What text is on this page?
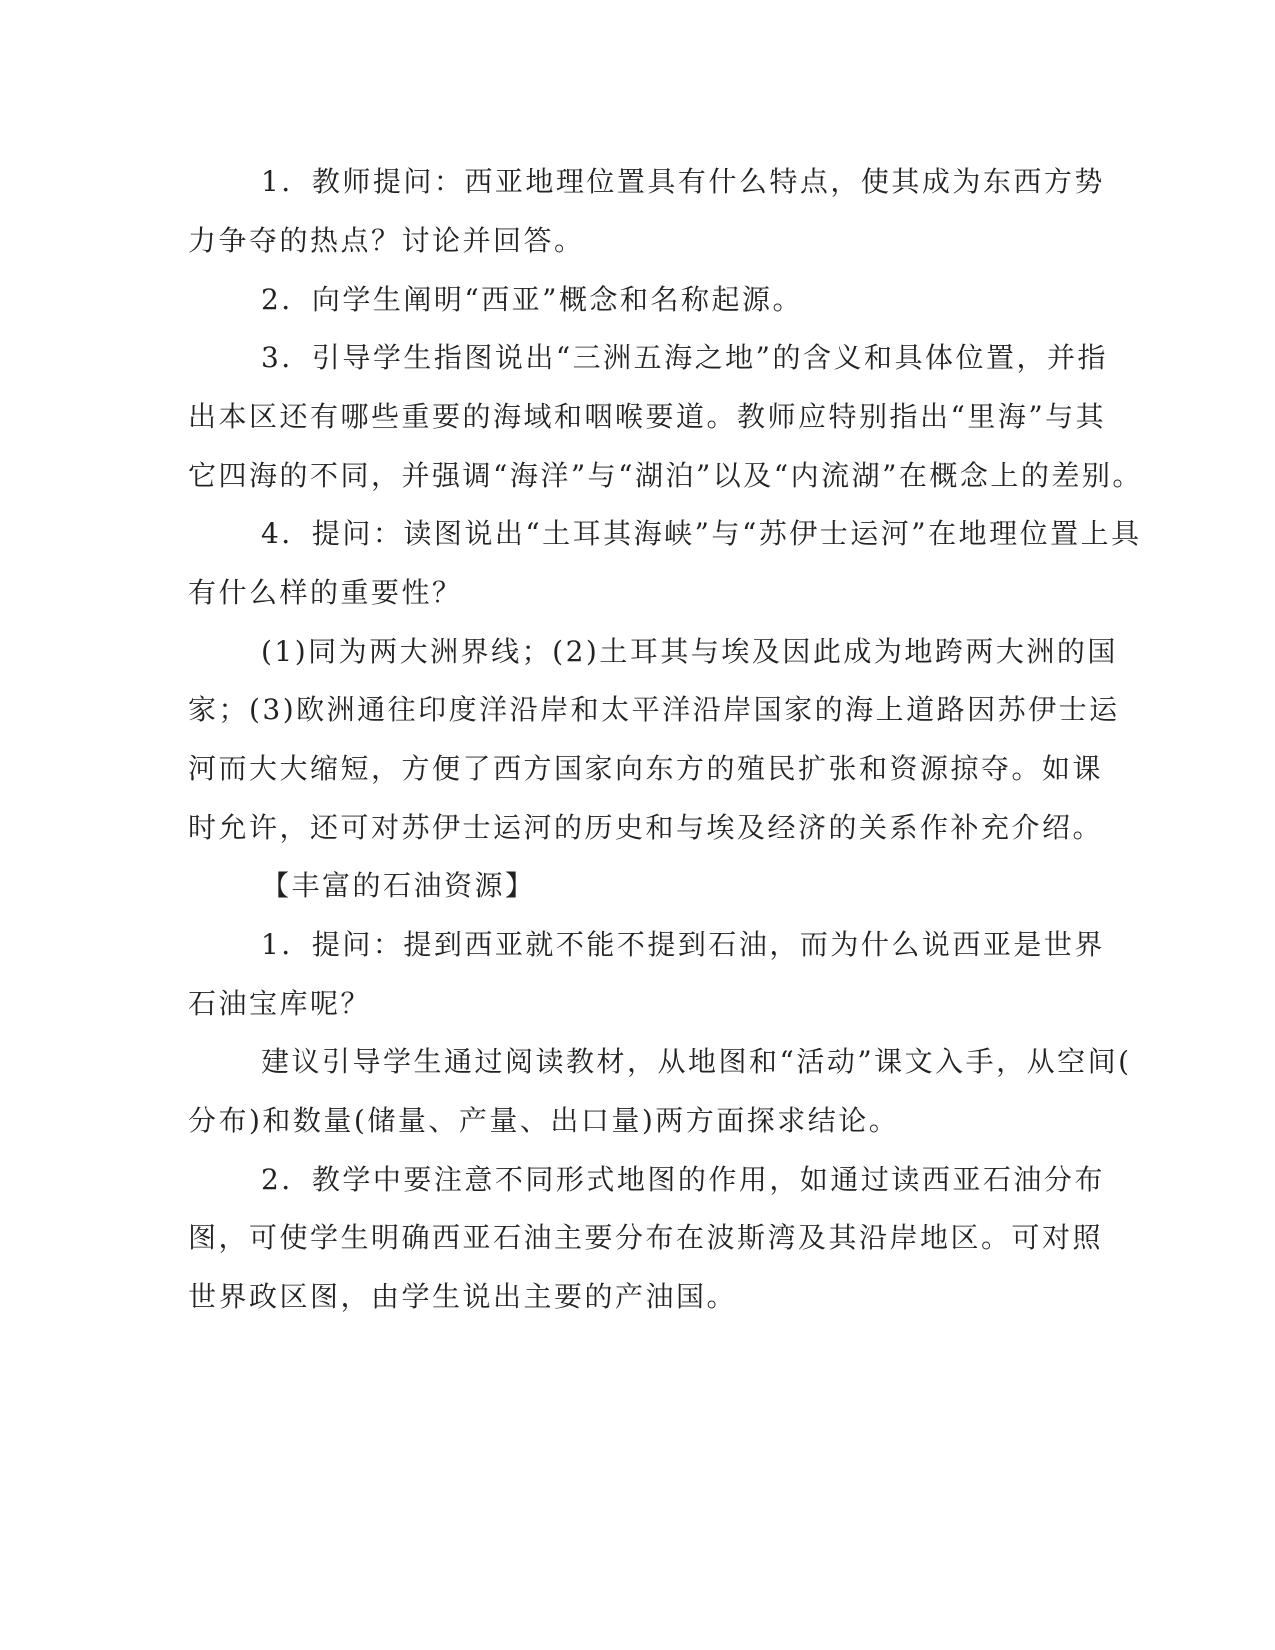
1．教师提问：西亚地理位置具有什么特点，使其成为东西方势
力争夺的热点？讨论并回答。
2．向学生阐明“西亚”概念和名称起源。
3．引导学生指图说出“三洲五海之地”的含义和具体位置，并指
出本区还有哪些重要的海域和咽喉要道。教师应特别指出“里海”与其
它四海的不同，并强调“海洋”与“湖泊”以及“内流湖”在概念上的差别。
4．提问：读图说出“土耳其海峡”与“苏伊士运河”在地理位置上具
有什么样的重要性？
(1)同为两大洲界线；(2)土耳其与埃及因此成为地跨两大洲的国
家；(3)欧洲通往印度洋沿岸和太平洋沿岸国家的海上道路因苏伊士运
河而大大缩短，方便了西方国家向东方的殖民扩张和资源掠夺。如课
时允许，还可对苏伊士运河的历史和与埃及经济的关系作补充介绍。
【丰富的石油资源】
1．提问：提到西亚就不能不提到石油，而为什么说西亚是世界
石油宝库呢？
建议引导学生通过阅读教材，从地图和“活动”课文入手，从空间(
分布)和数量(储量、产量、出口量)两方面探求结论。
2．教学中要注意不同形式地图的作用，如通过读西亚石油分布
图，可使学生明确西亚石油主要分布在波斯湾及其沿岸地区。可对照
世界政区图，由学生说出主要的产油国。
